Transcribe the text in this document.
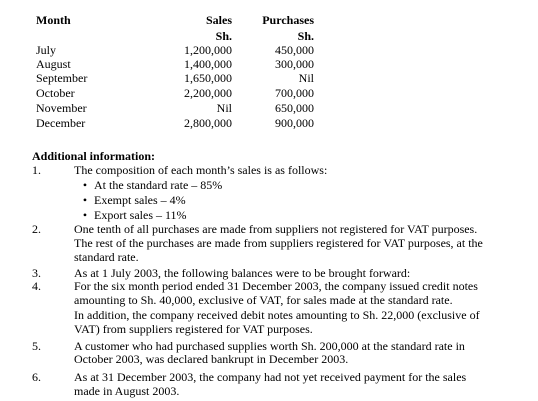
Month	Sales	Purchases
Sh.	Sh.
July	1,200,000	450,000
August	1,400,000	300,000
September	1,650,000	Nil
October	2,200,000	700,000
November	Nil	650,000
December	2,800,000	900,000
Additional information:
1.	The composition of each month’s sales is as follows:
• At the standard rate – 85%
• Exempt sales – 4%
• Export sales – 11%
2.	One tenth of all purchases are made from suppliers not registered for VAT purposes.
The rest of the purchases are made from suppliers registered for VAT purposes, at the
standard rate.
3.	As at 1 July 2003, the following balances were to be brought forward:
4.	For the six month period ended 31 December 2003, the company issued credit notes
amounting to Sh. 40,000, exclusive of VAT, for sales made at the standard rate.
In addition, the company received debit notes amounting to Sh. 22,000 (exclusive of
VAT) from suppliers registered for VAT purposes.
5.	A customer who had purchased supplies worth Sh. 200,000 at the standard rate in
October 2003, was declared bankrupt in December 2003.
6.	As at 31 December 2003, the company had not yet received payment for the sales
made in August 2003.
